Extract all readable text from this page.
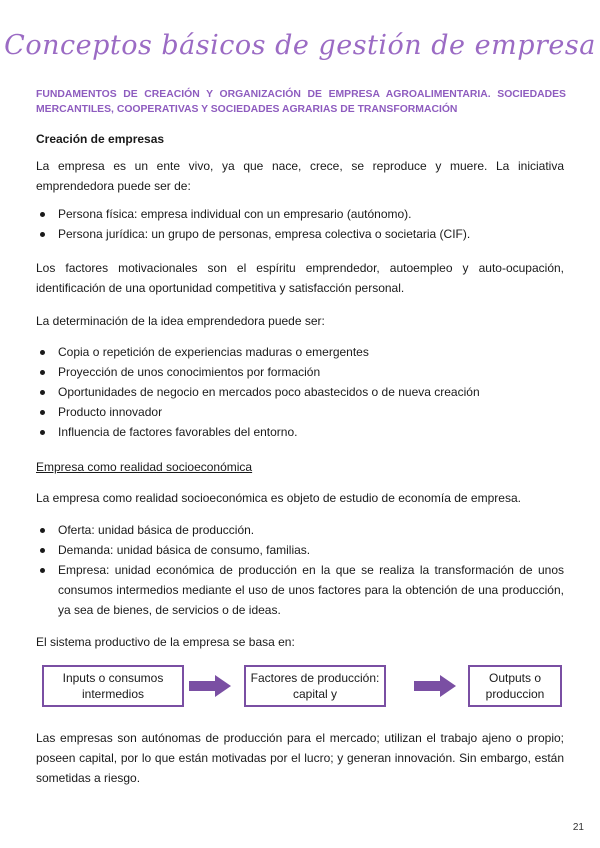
Conceptos básicos de gestión de empresa
FUNDAMENTOS DE CREACIÓN Y ORGANIZACIÓN DE EMPRESA AGROALIMENTARIA. SOCIEDADES MERCANTILES, COOPERATIVAS Y SOCIEDADES AGRARIAS DE TRANSFORMACIÓN
Creación de empresas
La empresa es un ente vivo, ya que nace, crece, se reproduce y muere. La iniciativa emprendedora puede ser de:
Persona física: empresa individual con un empresario (autónomo).
Persona jurídica: un grupo de personas, empresa colectiva o societaria (CIF).
Los factores motivacionales son el espíritu emprendedor, autoempleo y auto-ocupación, identificación de una oportunidad competitiva y satisfacción personal.
La determinación de la idea emprendedora puede ser:
Copia o repetición de experiencias maduras o emergentes
Proyección de unos conocimientos por formación
Oportunidades de negocio en mercados poco abastecidos o de nueva creación
Producto innovador
Influencia de factores favorables del entorno.
Empresa como realidad socioeconómica
La empresa como realidad socioeconómica es objeto de estudio de economía de empresa.
Oferta: unidad básica de producción.
Demanda: unidad básica de consumo, familias.
Empresa: unidad económica de producción en la que se realiza la transformación de unos consumos intermedios mediante el uso de unos factores para la obtención de una producción, ya sea de bienes, de servicios o de ideas.
El sistema productivo de la empresa se basa en:
Inputs o consumos intermedios
Factores de producción: capital y
Outputs o produccion
Las empresas son autónomas de producción para el mercado; utilizan el trabajo ajeno o propio; poseen capital, por lo que están motivadas por el lucro; y generan innovación. Sin embargo, están sometidas a riesgo.
21
